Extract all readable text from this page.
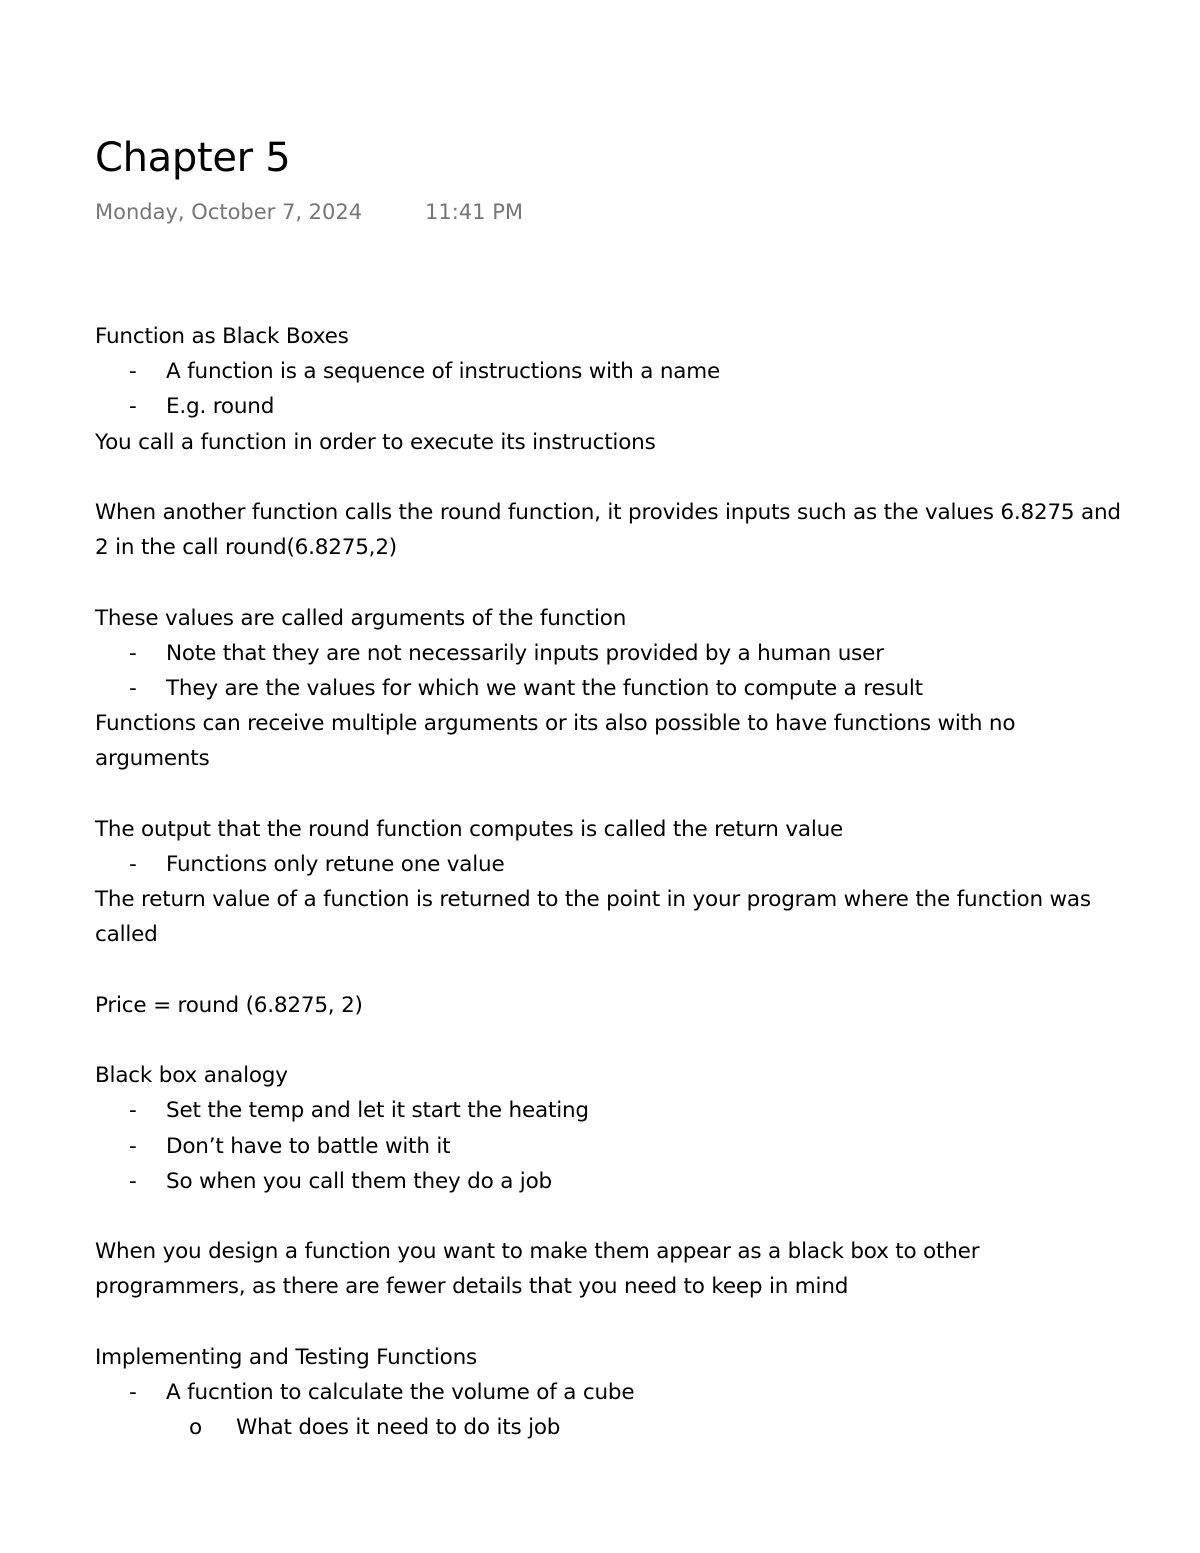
Chapter 5
Monday, October 7, 2024	11:41 PM

Function as Black Boxes

-	A function is a sequence of instructions with a name
-	E.g. round

You call a function in order to execute its instructions

When another function calls the round function, it provides inputs such as the values 6.8275 and 2 in the call round(6.8275,2)

These values are called arguments of the function

-	Note that they are not necessarily inputs provided by a human user
-	They are the values for which we want the function to compute a result

Functions can receive multiple arguments or its also possible to have functions with no arguments

The output that the round function computes is called the return value

-	Functions only retune one value

The return value of a function is returned to the point in your program where the function was called

Price = round (6.8275, 2)

Black box analogy

-	Set the temp and let it start the heating
-	Don’t have to battle with it
-	So when you call them they do a job

When you design a function you want to make them appear as a black box to other programmers, as there are fewer details that you need to keep in mind

Implementing and Testing Functions

-	A fucntion to calculate the volume of a cube
o	What does it need to do its job
